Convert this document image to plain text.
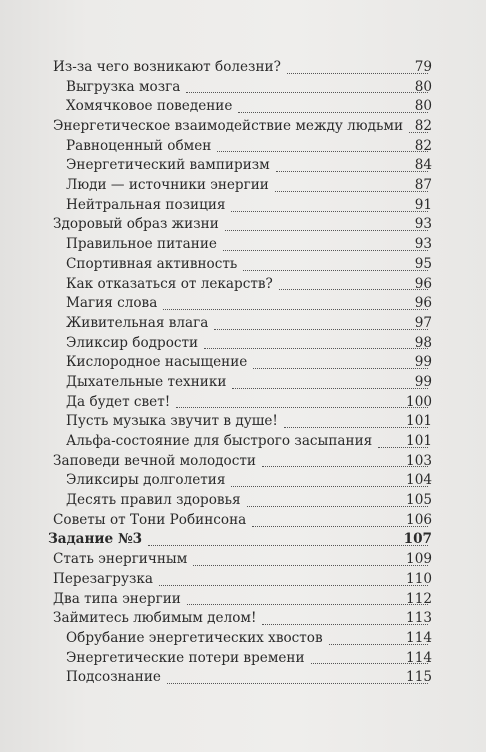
Из-за чего возникают болезни?	79
Выгрузка мозга	80
Хомячковое поведение	80
Энергетическое взаимодействие между людьми 82
Равноценный обмен	82
Энергетический вампиризм	84
Люди — источники энергии	87
Нейтральная позиция	91
Здоровый образ жизни	93
Правильное питание	93
Спортивная активность	95
Как отказаться от лекарств?	96
Магия слова	96
Живительная влага	97
Эликсир бодрости	98
Кислородное насыщение	99
Дыхательные техники	99
Да будет свет!	100
Пусть музыка звучит в душе!	101
Альфа-состояние для быстрого засыпания	101
Заповеди вечной молодости	103
Эликсиры долголетия	104
Десять правил здоровья	105
Советы от Тони Робинсона	106
Задание №3	107
Стать энергичным	109
Перезагрузка	110
Два типа энергии	112
Займитесь любимым делом!	113
Обрубание энергетических хвостов	114
Энергетические потери времени	114
Подсознание	115
